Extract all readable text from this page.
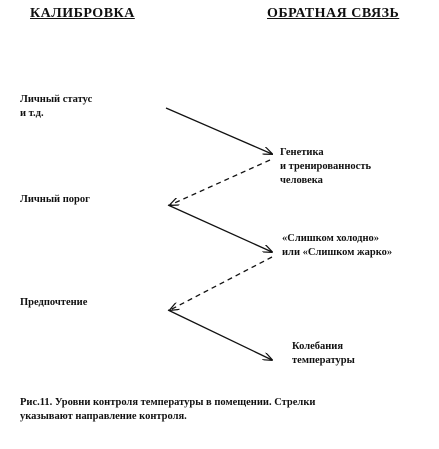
КАЛИБРОВКА	ОБРАТНАЯ СВЯЗЬ
Личный статус
и т.д.
Личный порог
Предпочтение
Генетика
и тренированность
человека
«Слишком холодно»
или «Слишком жарко»
Колебания
температуры
Рис.11. Уровни контроля температуры в помещении. Стрелки
указывают направление контроля.
